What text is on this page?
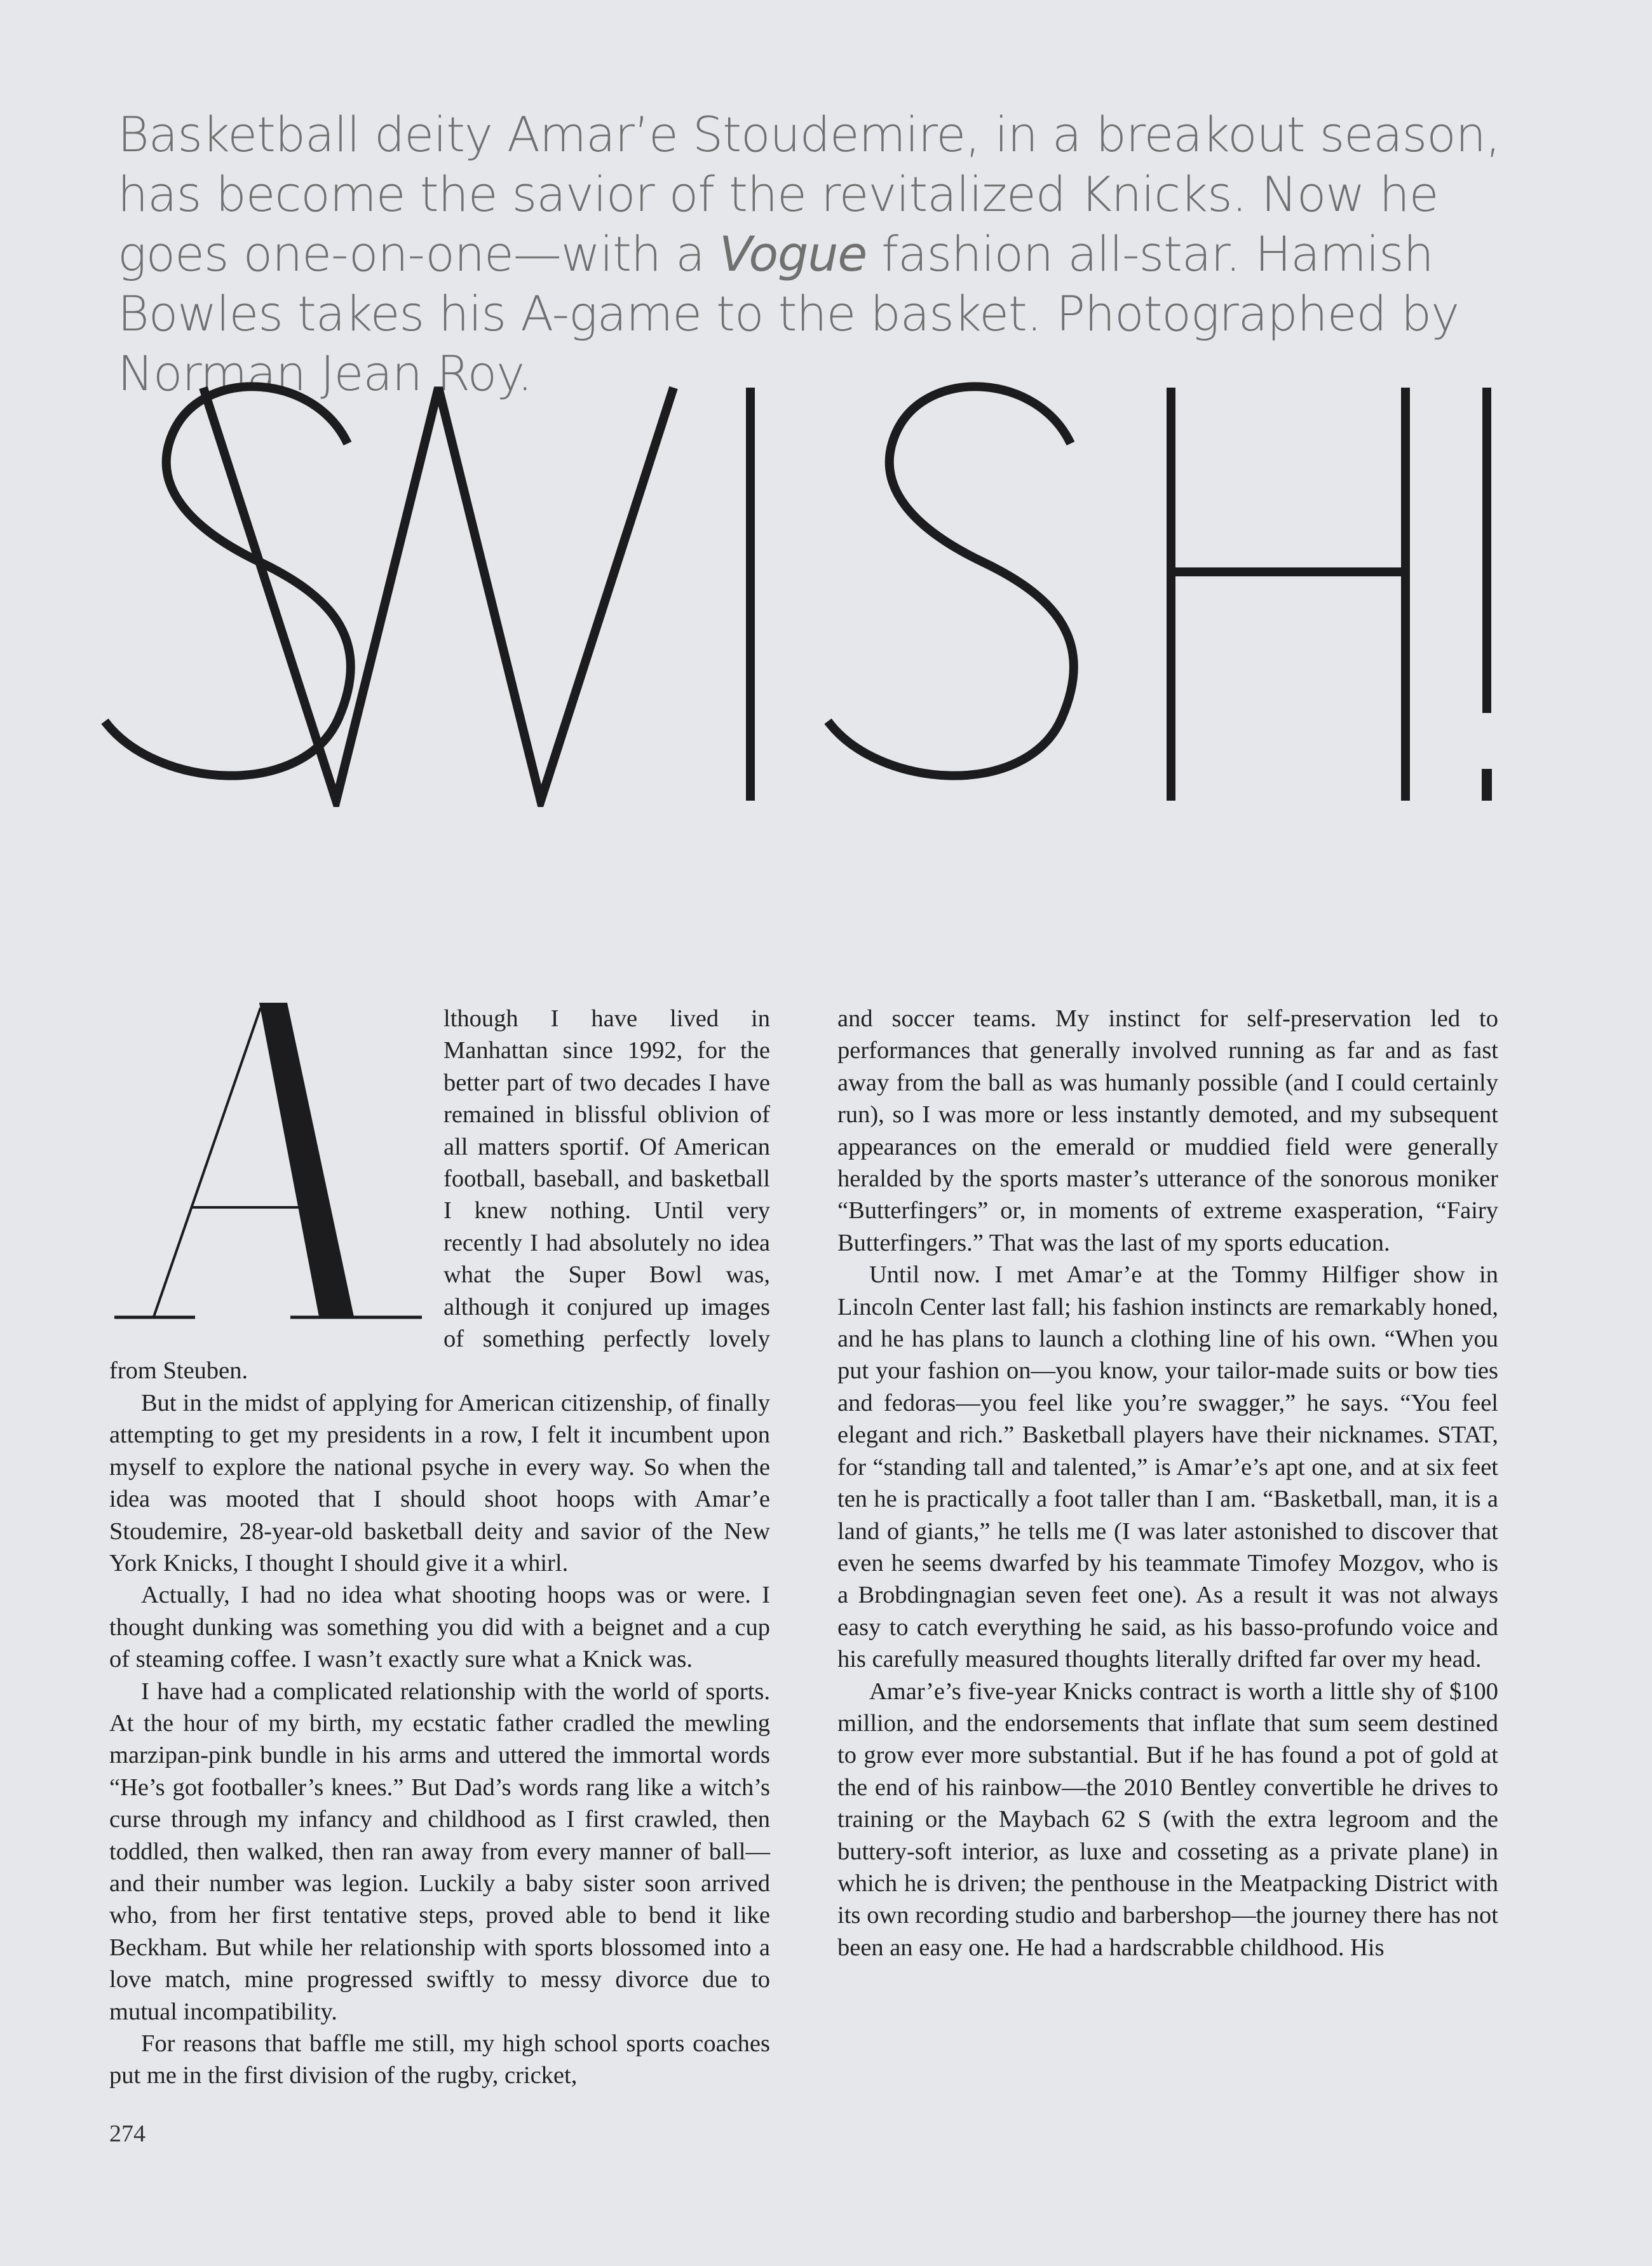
Basketball deity Amar’e Stoudemire, in a breakout season, has become the savior of the revitalized Knicks. Now he goes one-on-one—with a Vogue fashion all-star. Hamish Bowles takes his A-game to the basket. Photographed by Norman Jean Roy.

lthough I have lived in Manhattan since 1992, for the better part of two decades I have remained in blissful oblivion of all matters sportif. Of American football, baseball, and basketball I knew nothing. Until very recently I had absolutely no idea what the Super Bowl was, although it conjured up images of something perfectly lovely from Steuben.

But in the midst of applying for American citizenship, of finally attempting to get my presidents in a row, I felt it incumbent upon myself to explore the national psyche in every way. So when the idea was mooted that I should shoot hoops with Amar’e Stoudemire, 28-year-old basketball deity and savior of the New York Knicks, I thought I should give it a whirl.

Actually, I had no idea what shooting hoops was or were. I thought dunking was something you did with a beignet and a cup of steaming coffee. I wasn’t exactly sure what a Knick was.

I have had a complicated relationship with the world of sports. At the hour of my birth, my ecstatic father cradled the mewling marzipan-pink bundle in his arms and uttered the immortal words “He’s got footballer’s knees.” But Dad’s words rang like a witch’s curse through my infancy and childhood as I first crawled, then toddled, then walked, then ran away from every manner of ball—and their number was legion. Luckily a baby sister soon arrived who, from her first tentative steps, proved able to bend it like Beckham. But while her relationship with sports blossomed into a love match, mine progressed swiftly to messy divorce due to mutual incompatibility.

For reasons that baffle me still, my high school sports coaches put me in the first division of the rugby, cricket,

and soccer teams. My instinct for self-preservation led to performances that generally involved running as far and as fast away from the ball as was humanly possible (and I could certainly run), so I was more or less instantly demoted, and my subsequent appearances on the emerald or muddied field were generally heralded by the sports master’s utterance of the sonorous moniker “Butterfingers” or, in moments of extreme exasperation, “Fairy Butterfingers.” That was the last of my sports education.

Until now. I met Amar’e at the Tommy Hilfiger show in Lincoln Center last fall; his fashion instincts are remarkably honed, and he has plans to launch a clothing line of his own. “When you put your fashion on—you know, your tailor-made suits or bow ties and fedoras—you feel like you’re swagger,” he says. “You feel elegant and rich.” Basketball players have their nicknames. STAT, for “standing tall and talented,” is Amar’e’s apt one, and at six feet ten he is practically a foot taller than I am. “Basketball, man, it is a land of giants,” he tells me (I was later astonished to discover that even he seems dwarfed by his teammate Timofey Mozgov, who is a Brobdingnagian seven feet one). As a result it was not always easy to catch everything he said, as his basso-profundo voice and his carefully measured thoughts literally drifted far over my head.

Amar’e’s five-year Knicks contract is worth a little shy of $100 million, and the endorsements that inflate that sum seem destined to grow ever more substantial. But if he has found a pot of gold at the end of his rainbow—the 2010 Bentley convertible he drives to training or the Maybach 62 S (with the extra legroom and the buttery-soft interior, as luxe and cosseting as a private plane) in which he is driven; the penthouse in the Meatpacking District with its own recording studio and barbershop—the journey there has not been an easy one. He had a hardscrabble childhood. His

274
